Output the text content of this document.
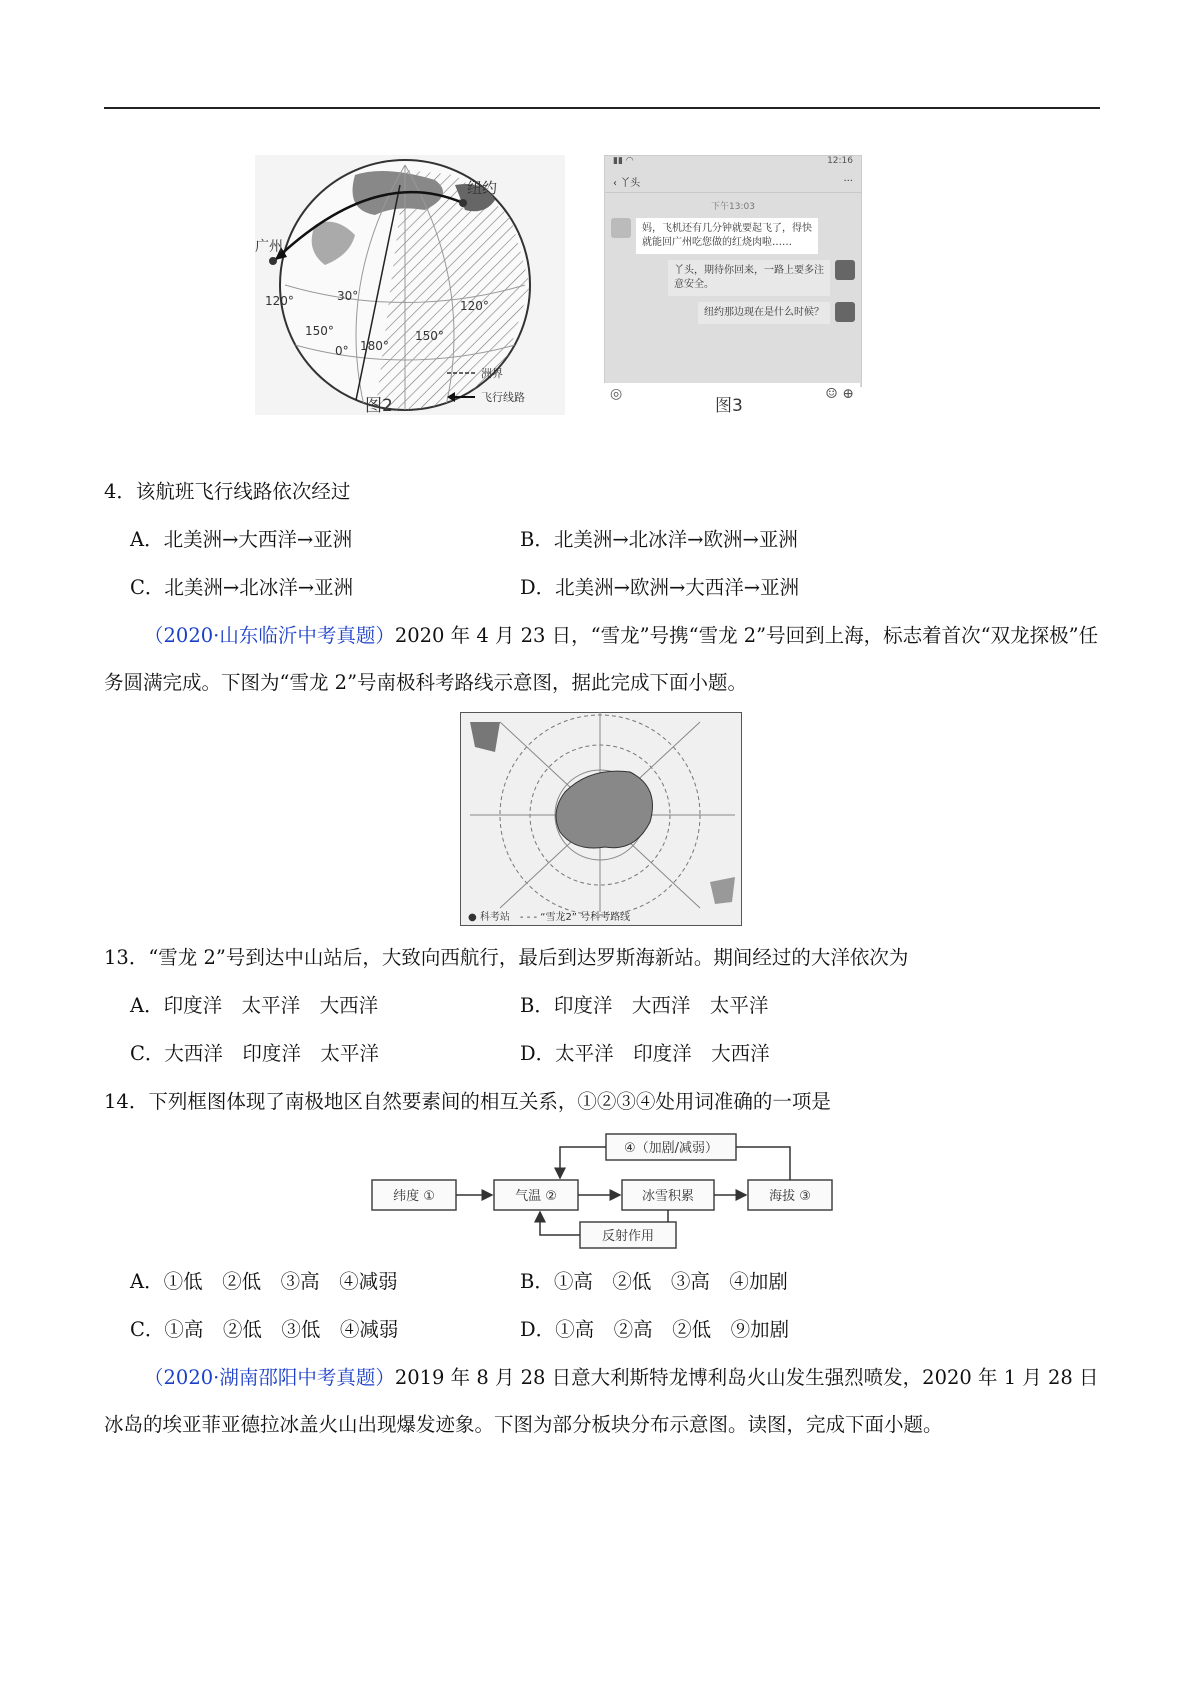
纽约
广州
30°
120°
150°
0° 180°
150°
120°
图2
洲界
飞行线路
▮▮ ◠	12:16
‹ 丫头	···
下午13:03
妈，飞机还有几分钟就要起飞了，得快就能回广州吃您做的红烧肉啦……
丫头，期待你回来，一路上要多注意安全。
纽约那边现在是什么时候？
◎	☺ ⊕
图3
4．该航班飞行线路依次经过
A．北美洲→大西洋→亚洲	B．北美洲→北冰洋→欧洲→亚洲
C．北美洲→北冰洋→亚洲	D．北美洲→欧洲→大西洋→亚洲
（2020·山东临沂中考真题）2020 年 4 月 23 日，“雪龙”号携“雪龙 2”号回到上海，标志着首次“双龙探极”任务圆满完成。下图为“雪龙 2”号南极科考路线示意图，据此完成下面小题。
● 科考站　- - - “雪龙2” 号科考路线
13．“雪龙 2”号到达中山站后，大致向西航行，最后到达罗斯海新站。期间经过的大洋依次为
A．印度洋　太平洋　大西洋	B．印度洋　大西洋　太平洋
C．大西洋　印度洋　太平洋	D．太平洋　印度洋　大西洋
14．下列框图体现了南极地区自然要素间的相互关系，①②③④处用词准确的一项是
④（加剧/减弱）
纬度 ①	气温 ②	冰雪积累	海拔 ③
反射作用
A．①低　②低　③高　④减弱	B．①高　②低　③高　④加剧
C．①高　②低　③低　④减弱	D．①高　②高　②低　⑨加剧
（2020·湖南邵阳中考真题）2019 年 8 月 28 日意大利斯特龙博利岛火山发生强烈喷发，2020 年 1 月 28 日冰岛的埃亚菲亚德拉冰盖火山出现爆发迹象。下图为部分板块分布示意图。读图，完成下面小题。
